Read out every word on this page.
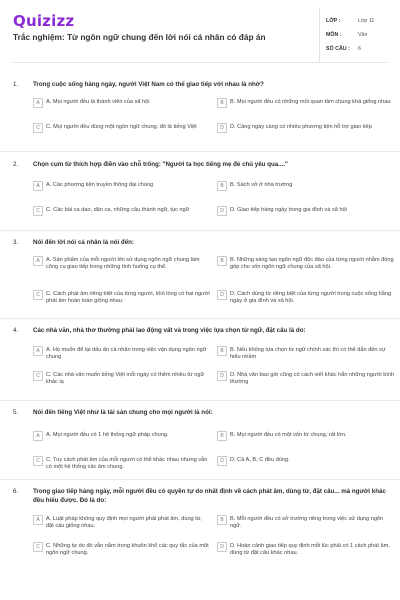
Quizizz
Trắc nghiệm: Từ ngôn ngữ chung đến lời nói cá nhân có đáp án
LỚP :	Lớp 11
MÔN :	Văn
SỐ CÂU : 6
1. Trong cuộc sống hàng ngày, người Việt Nam có thể giao tiếp với nhau là nhờ?
A	A. Mọi người đều là thành viên của xã hội	B	B. Mọi người đều có những mối quan tâm chung khá giống nhau
C	C. Mọi người đều dùng một ngôn ngữ chung, đó là tiếng Việt	D	D. Càng ngày càng có nhiều phương tiện hỗ trợ giao tiếp
2. Chọn cụm từ thích hợp điền vào chỗ trống: "Người ta học tiếng mẹ đẻ chủ yếu qua...."
A	A. Các phương tiện truyền thông đại chúng	B	B. Sách vở ở nhà trường
C	C. Các bài ca dao, dân ca, những câu thành ngữ, tục ngữ	D	D. Giao tiếp hàng ngày trong gia đình và xã hội
3. Nói đến lời nói cá nhân là nói đến:
A	A. Sản phẩm của mỗi người khi sử dụng ngôn ngữ chung làm công cụ giao tiếp trong những tình huống cụ thể.
B	B. Những sáng tạo ngôn ngữ độc đáo của từng người nhằm đóng góp cho vốn ngôn ngữ chung của xã hội.
C	C. Cách phát âm riêng biệt của từng người, khó lòng có hai người phát âm hoàn toàn giống nhau.
D	D. Cách dùng từ riêng biệt của từng người trong cuộc sống hằng ngày ở gia đình và xã hội.
4. Các nhà văn, nhà thơ thường phải lao động vất vả trong việc lựa chọn từ ngữ, đặt câu là do:
A	A. Họ muốn để lại dấu ấn cá nhân trong việc vận dụng ngôn ngữ chung
B	B. Nếu không lựa chọn từ ngữ chính xác thì có thể dẫn đến sự hiểu nhầm
C	C. Các nhà văn muốn tiếng Việt mỗi ngày có thêm nhiều từ ngữ khác lạ
D	D. Nhà văn bao giờ cũng có cách viết khác hẳn những người bình thường
5. Nói đến tiếng Việt như là tài sản chung cho mọi người là nói:
A	A. Mọi người đều có 1 hệ thống ngữ pháp chung.	B	B. Mọi người đều có một vốn từ chung, rất lớn.
C	C. Tuy cách phát âm của mỗi người có thể khác nhau nhưng vẫn có một hệ thống các âm chung.
D	D. Cả A, B, C đều đúng.
6. Trong giao tiếp hàng ngày, mỗi người đều có quyền tự do nhất định về cách phát âm, dùng từ, đặt câu... mà người khác đều hiểu được. Đó là do:
A	A. Luật pháp không quy định mọi người phải phát âm, dùng từ, đặt câu giống nhau.
B	B. Mỗi người đều có sở trường riêng trong việc sử dụng ngôn ngữ.
C	C. Những tự do đó vẫn nằm trong khuôn khổ các quy tắc của một ngôn ngữ chung.
D	D. Hoàn cảnh giao tiếp quy định mỗi lúc phải có 1 cách phát âm, dùng từ đặt câu khác nhau.
